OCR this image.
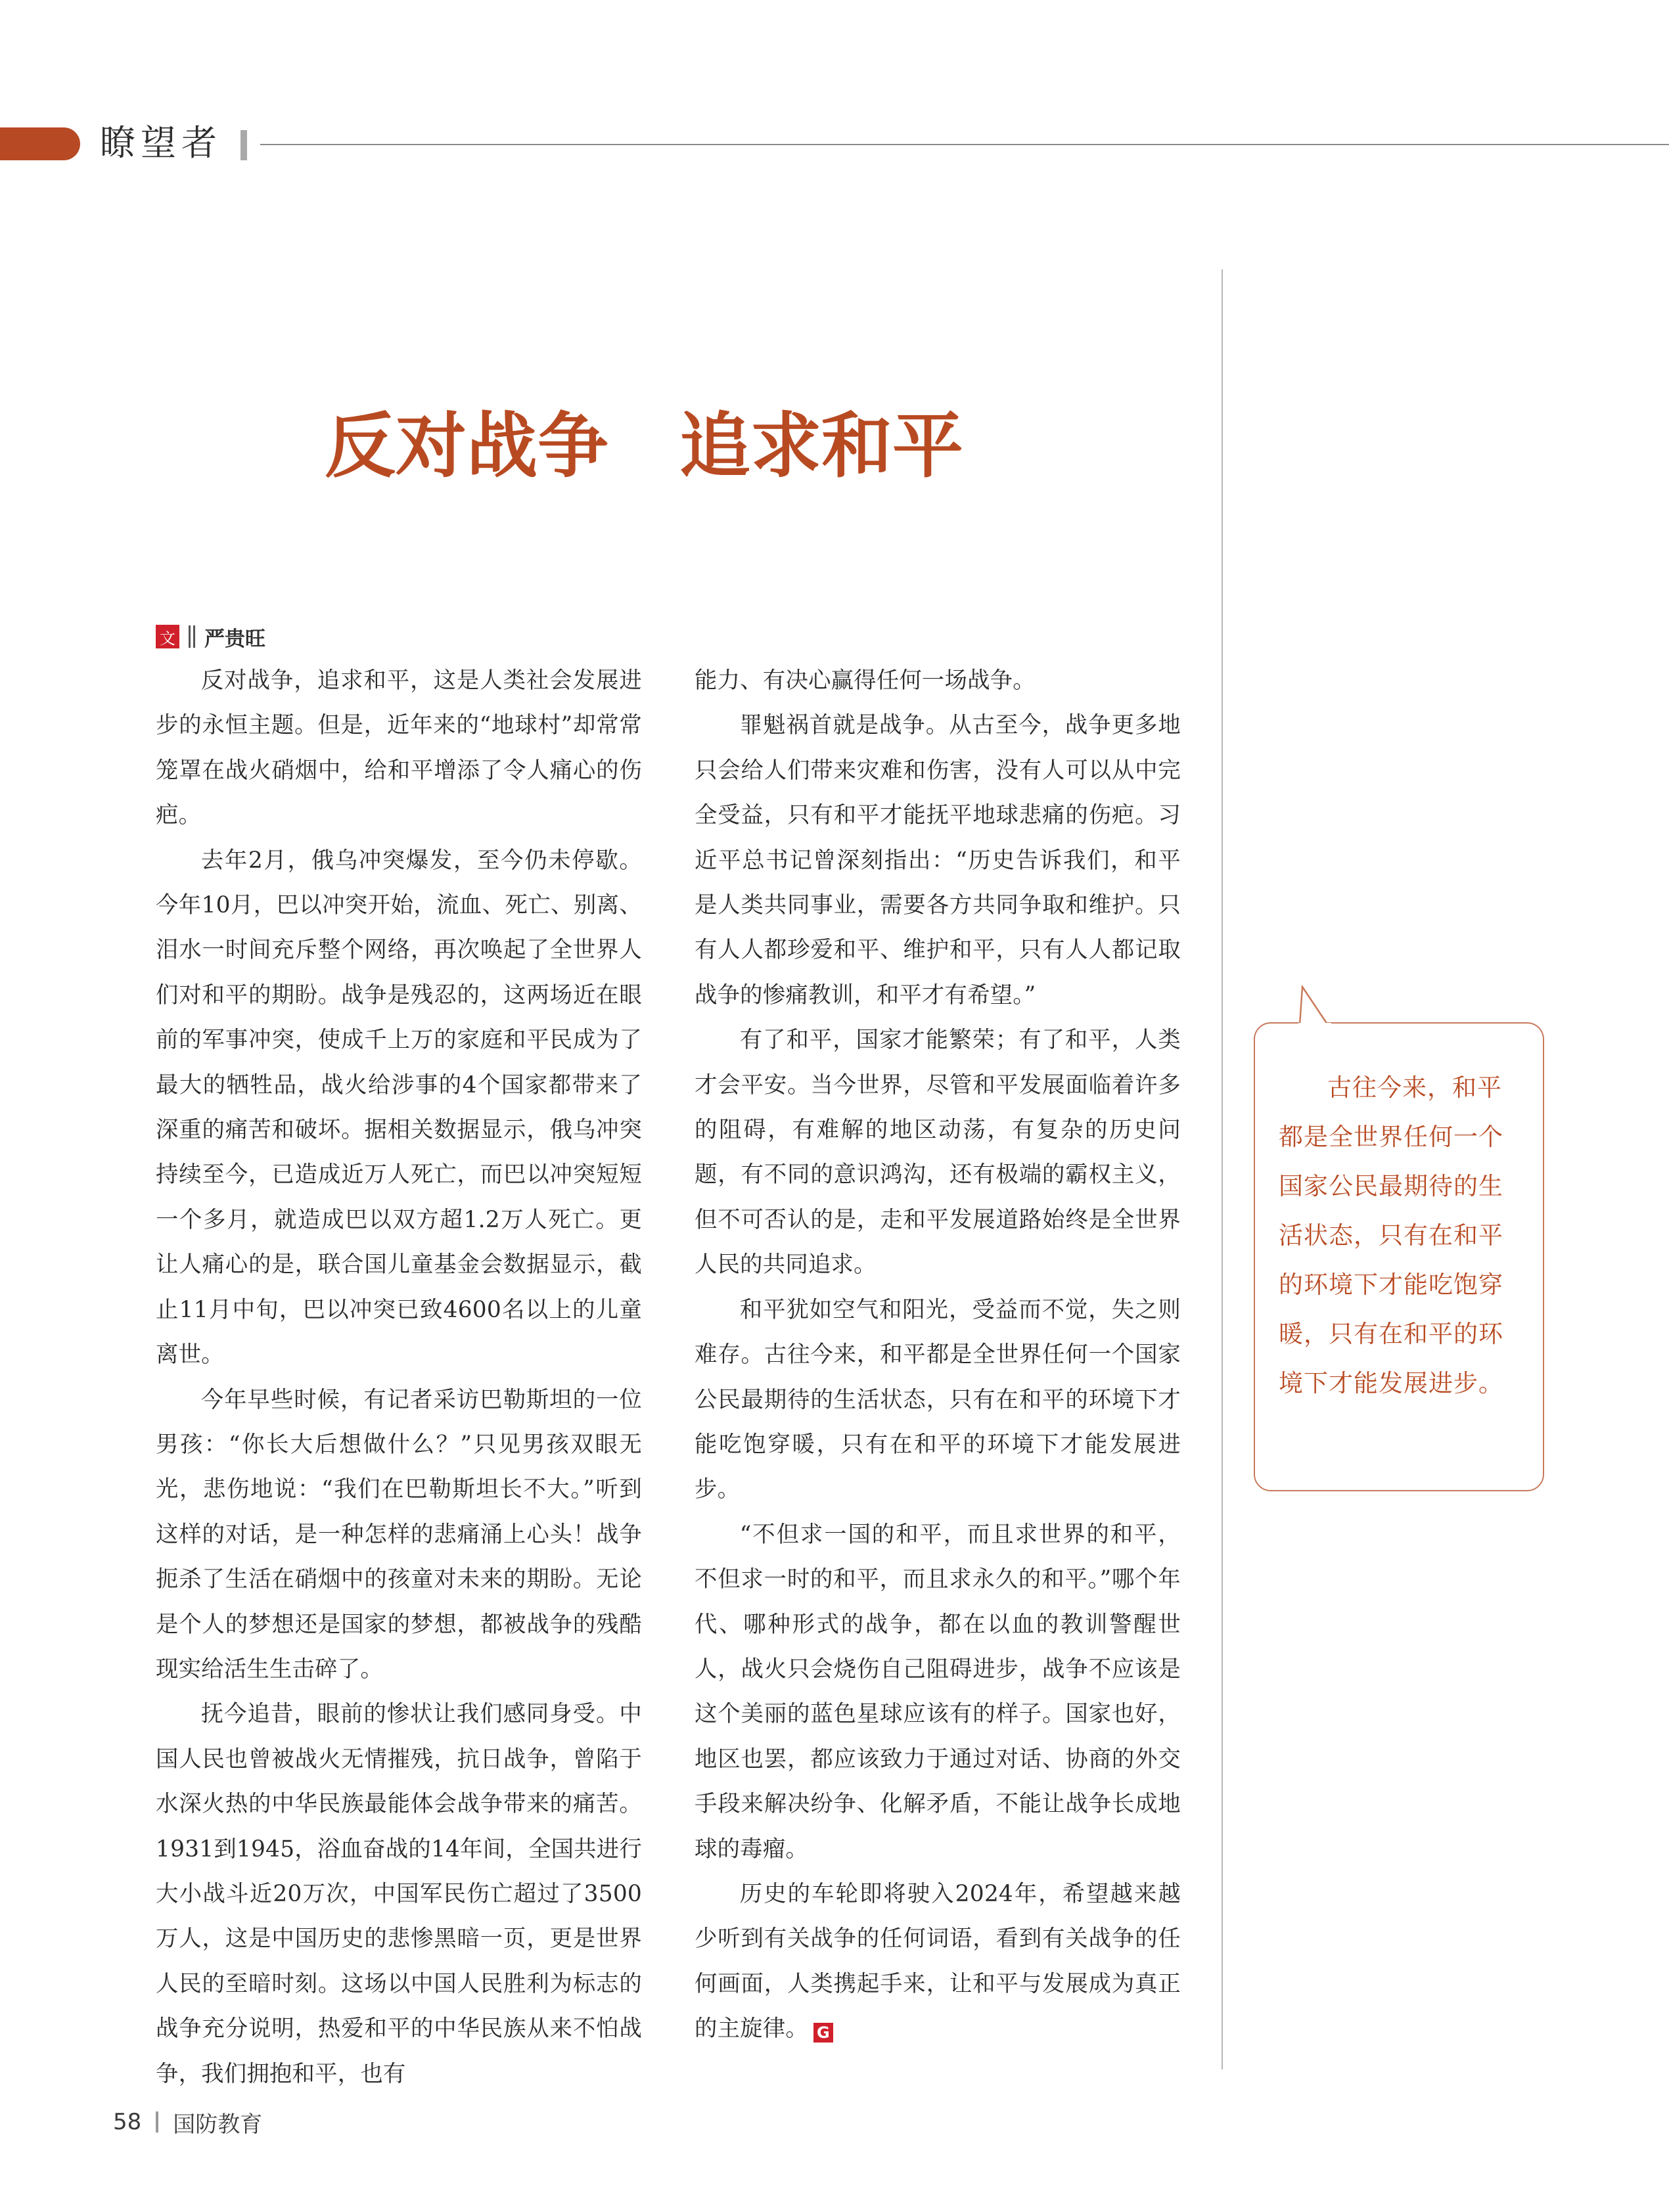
瞭望者
反对战争　追求和平
文 严贵旺

反对战争，追求和平，这是人类社会发展进步的永恒主题。但是，近年来的“地球村”却常常笼罩在战火硝烟中，给和平增添了令人痛心的伤疤。

去年2月，俄乌冲突爆发，至今仍未停歇。今年10月，巴以冲突开始，流血、死亡、别离、泪水一时间充斥整个网络，再次唤起了全世界人们对和平的期盼。战争是残忍的，这两场近在眼前的军事冲突，使成千上万的家庭和平民成为了最大的牺牲品，战火给涉事的4个国家都带来了深重的痛苦和破坏。据相关数据显示，俄乌冲突持续至今，已造成近万人死亡，而巴以冲突短短一个多月，就造成巴以双方超1.2万人死亡。更让人痛心的是，联合国儿童基金会数据显示，截止11月中旬，巴以冲突已致4600名以上的儿童离世。

今年早些时候，有记者采访巴勒斯坦的一位男孩：“你长大后想做什么？”只见男孩双眼无光，悲伤地说：“我们在巴勒斯坦长不大。”听到这样的对话，是一种怎样的悲痛涌上心头！战争扼杀了生活在硝烟中的孩童对未来的期盼。无论是个人的梦想还是国家的梦想，都被战争的残酷现实给活生生击碎了。

抚今追昔，眼前的惨状让我们感同身受。中国人民也曾被战火无情摧残，抗日战争，曾陷于水深火热的中华民族最能体会战争带来的痛苦。1931到1945，浴血奋战的14年间，全国共进行大小战斗近20万次，中国军民伤亡超过了3500万人，这是中国历史的悲惨黑暗一页，更是世界人民的至暗时刻。这场以中国人民胜利为标志的战争充分说明，热爱和平的中华民族从来不怕战争，我们拥抱和平，也有

能力、有决心赢得任何一场战争。

罪魁祸首就是战争。从古至今，战争更多地只会给人们带来灾难和伤害，没有人可以从中完全受益，只有和平才能抚平地球悲痛的伤疤。习近平总书记曾深刻指出：“历史告诉我们，和平是人类共同事业，需要各方共同争取和维护。只有人人都珍爱和平、维护和平，只有人人都记取战争的惨痛教训，和平才有希望。”

有了和平，国家才能繁荣；有了和平，人类才会平安。当今世界，尽管和平发展面临着许多的阻碍，有难解的地区动荡，有复杂的历史问题，有不同的意识鸿沟，还有极端的霸权主义，但不可否认的是，走和平发展道路始终是全世界人民的共同追求。

和平犹如空气和阳光，受益而不觉，失之则难存。古往今来，和平都是全世界任何一个国家公民最期待的生活状态，只有在和平的环境下才能吃饱穿暖，只有在和平的环境下才能发展进步。

“不但求一国的和平，而且求世界的和平，不但求一时的和平，而且求永久的和平。”哪个年代、哪种形式的战争，都在以血的教训警醒世人，战火只会烧伤自己阻碍进步，战争不应该是这个美丽的蓝色星球应该有的样子。国家也好，地区也罢，都应该致力于通过对话、协商的外交手段来解决纷争、化解矛盾，不能让战争长成地球的毒瘤。

历史的车轮即将驶入2024年，希望越来越少听到有关战争的任何词语，看到有关战争的任何画面，人类携起手来，让和平与发展成为真正的主旋律。 G

古往今来，和平都是全世界任何一个国家公民最期待的生活状态，只有在和平的环境下才能吃饱穿暖，只有在和平的环境下才能发展进步。

58 国防教育
